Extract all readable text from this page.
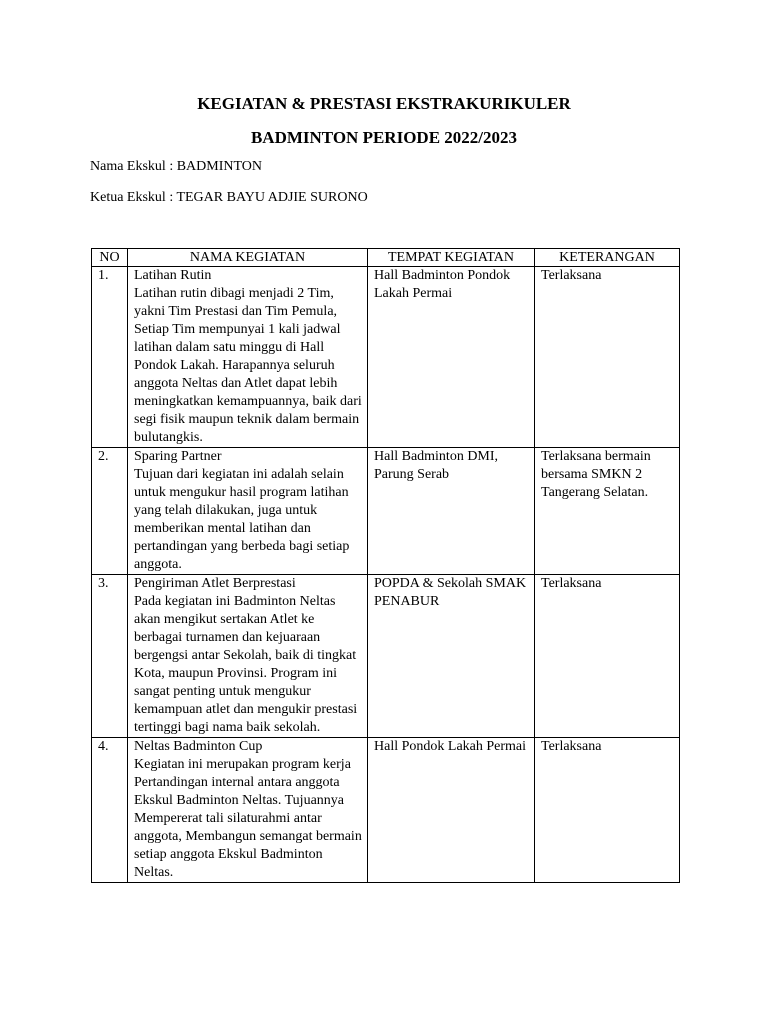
KEGIATAN & PRESTASI EKSTRAKURIKULER
BADMINTON PERIODE 2022/2023
Nama Ekskul : BADMINTON
Ketua Ekskul : TEGAR BAYU ADJIE SURONO
NO	NAMA KEGIATAN	TEMPAT KEGIATAN	KETERANGAN
1.	Latihan Rutin
Latihan rutin dibagi menjadi 2 Tim, yakni Tim Prestasi dan Tim Pemula, Setiap Tim mempunyai 1 kali jadwal latihan dalam satu minggu di Hall Pondok Lakah. Harapannya seluruh anggota Neltas dan Atlet dapat lebih meningkatkan kemampuannya, baik dari segi fisik maupun teknik dalam bermain bulutangkis.	Hall Badminton Pondok Lakah Permai	Terlaksana
2.	Sparing Partner
Tujuan dari kegiatan ini adalah selain untuk mengukur hasil program latihan yang telah dilakukan, juga untuk memberikan mental latihan dan pertandingan yang berbeda bagi setiap anggota.	Hall Badminton DMI, Parung Serab	Terlaksana bermain bersama SMKN 2 Tangerang Selatan.
3.	Pengiriman Atlet Berprestasi
Pada kegiatan ini Badminton Neltas akan mengikut sertakan Atlet ke berbagai turnamen dan kejuaraan bergengsi antar Sekolah, baik di tingkat Kota, maupun Provinsi. Program ini sangat penting untuk mengukur kemampuan atlet dan mengukir prestasi tertinggi bagi nama baik sekolah.	POPDA & Sekolah SMAK PENABUR	Terlaksana
4.	Neltas Badminton Cup
Kegiatan ini merupakan program kerja Pertandingan internal antara anggota Ekskul Badminton Neltas. Tujuannya Mempererat tali silaturahmi antar anggota, Membangun semangat bermain setiap anggota Ekskul Badminton Neltas.	Hall Pondok Lakah Permai	Terlaksana
